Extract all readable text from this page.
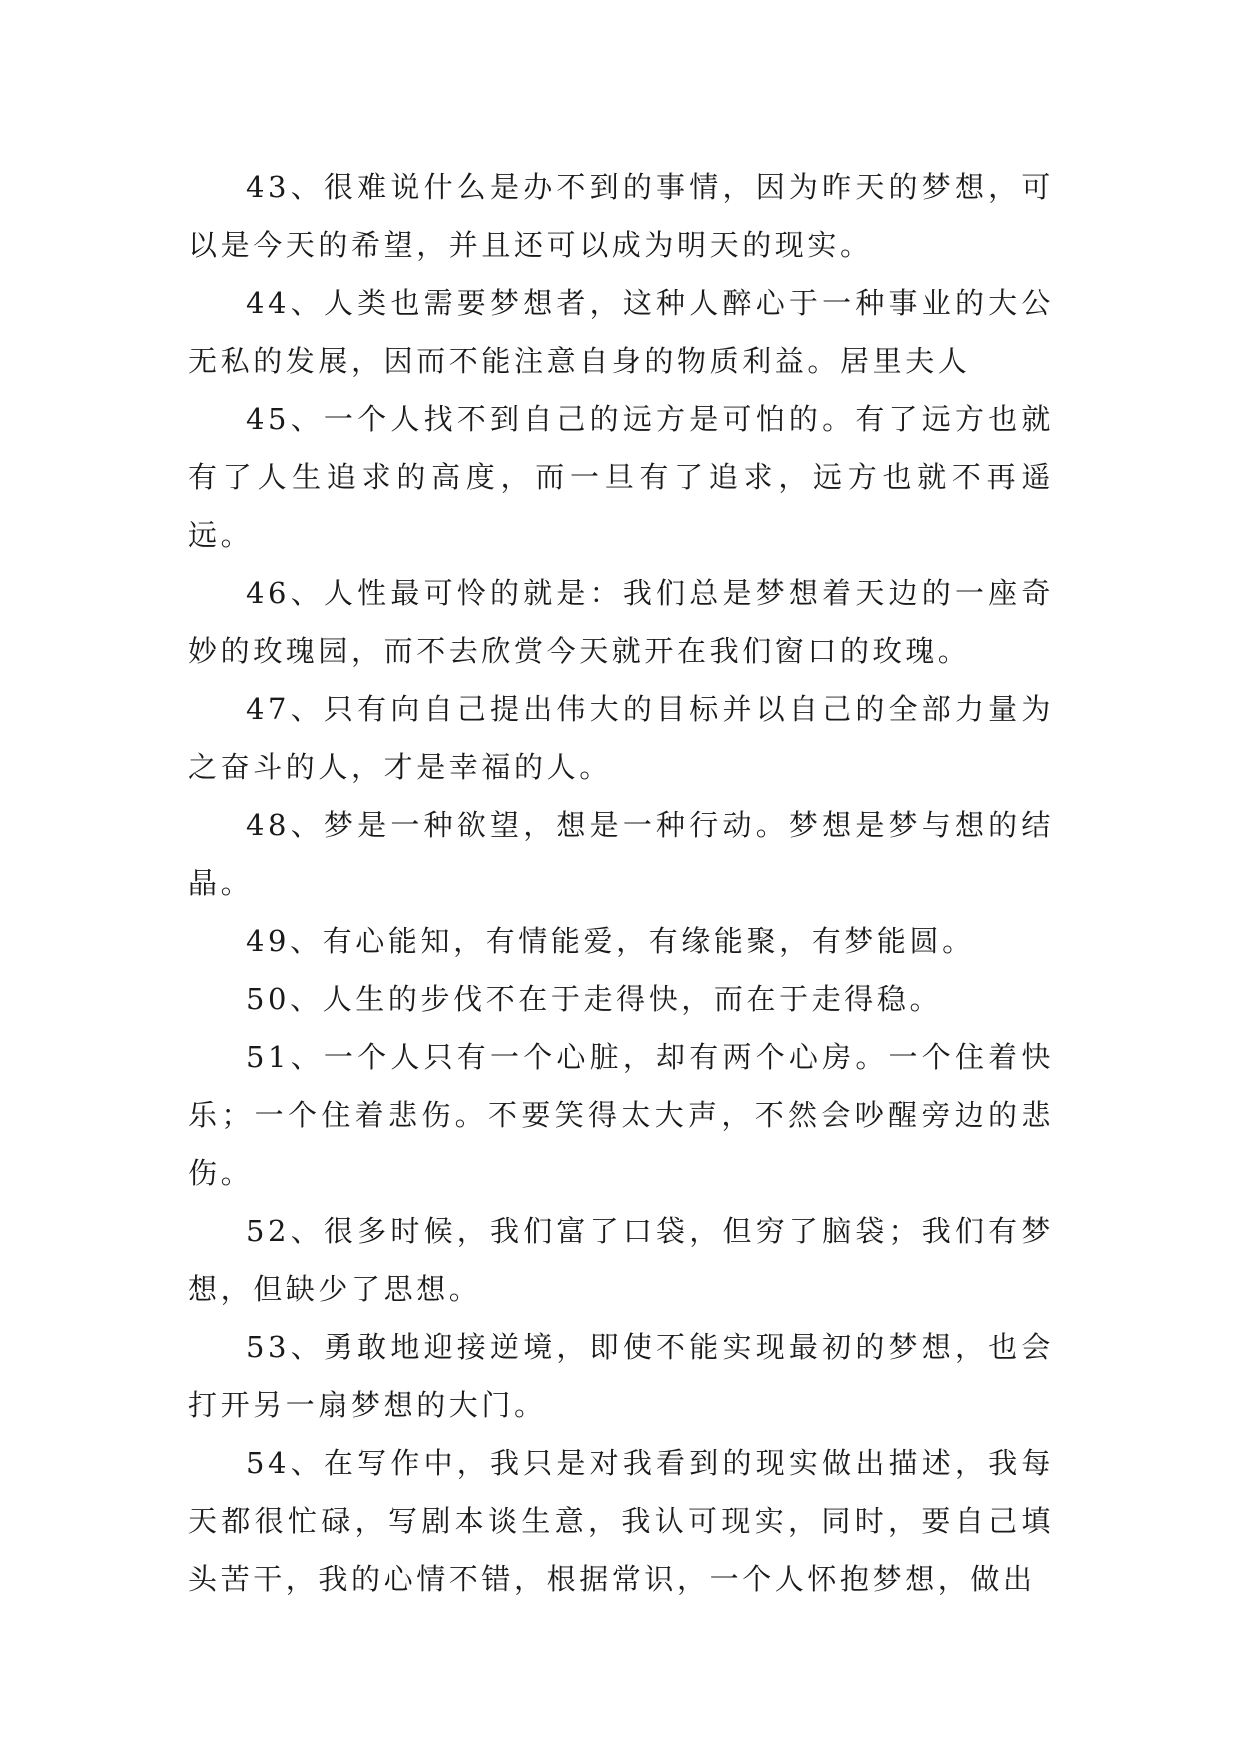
43、很难说什么是办不到的事情，因为昨天的梦想，可以是今天的希望，并且还可以成为明天的现实。

44、人类也需要梦想者，这种人醉心于一种事业的大公无私的发展，因而不能注意自身的物质利益。居里夫人

45、一个人找不到自己的远方是可怕的。有了远方也就有了人生追求的高度，而一旦有了追求，远方也就不再遥远。

46、人性最可怜的就是：我们总是梦想着天边的一座奇妙的玫瑰园，而不去欣赏今天就开在我们窗口的玫瑰。

47、只有向自己提出伟大的目标并以自己的全部力量为之奋斗的人，才是幸福的人。

48、梦是一种欲望，想是一种行动。梦想是梦与想的结晶。

49、有心能知，有情能爱，有缘能聚，有梦能圆。

50、人生的步伐不在于走得快，而在于走得稳。

51、一个人只有一个心脏，却有两个心房。一个住着快乐；一个住着悲伤。不要笑得太大声，不然会吵醒旁边的悲伤。

52、很多时候，我们富了口袋，但穷了脑袋；我们有梦想，但缺少了思想。

53、勇敢地迎接逆境，即使不能实现最初的梦想，也会打开另一扇梦想的大门。

54、在写作中，我只是对我看到的现实做出描述，我每天都很忙碌，写剧本谈生意，我认可现实，同时，要自己填头苦干，我的心情不错，根据常识，一个人怀抱梦想，做出
